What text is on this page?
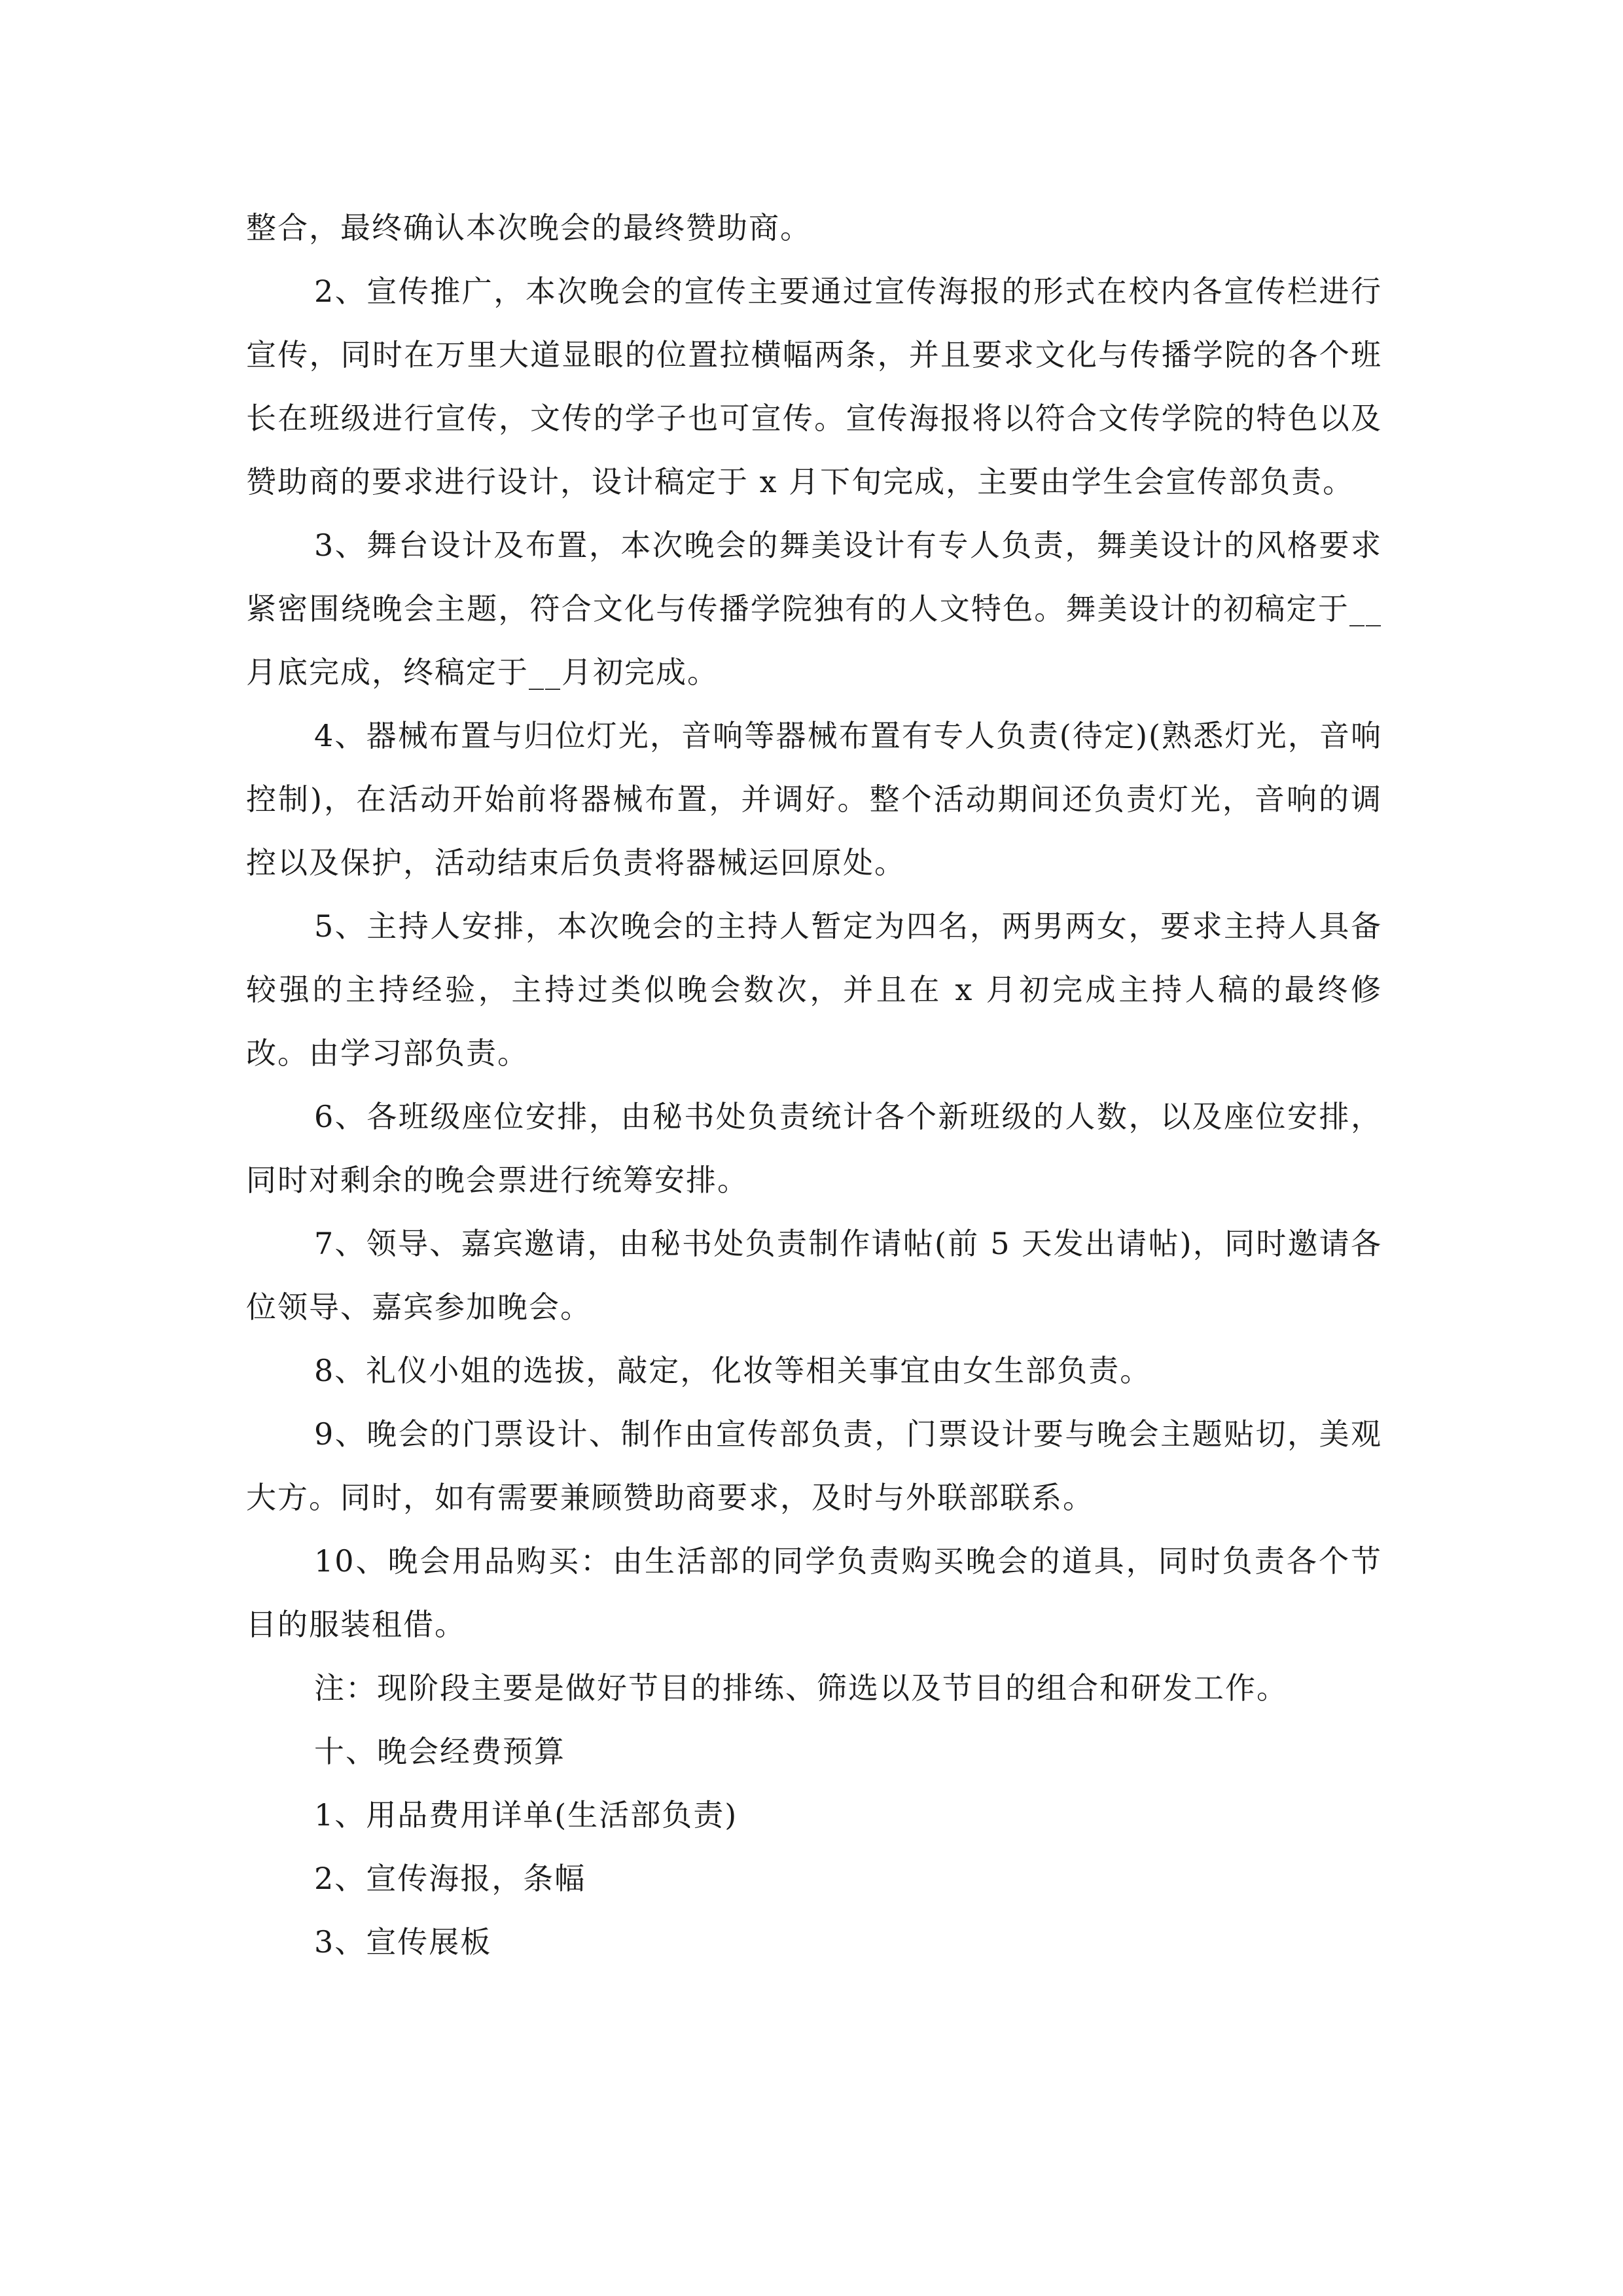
整合，最终确认本次晚会的最终赞助商。

2、宣传推广，本次晚会的宣传主要通过宣传海报的形式在校内各宣传栏进行宣传，同时在万里大道显眼的位置拉横幅两条，并且要求文化与传播学院的各个班长在班级进行宣传，文传的学子也可宣传。宣传海报将以符合文传学院的特色以及赞助商的要求进行设计，设计稿定于 x 月下旬完成，主要由学生会宣传部负责。

3、舞台设计及布置，本次晚会的舞美设计有专人负责，舞美设计的风格要求紧密围绕晚会主题，符合文化与传播学院独有的人文特色。舞美设计的初稿定于__月底完成，终稿定于__月初完成。

4、器械布置与归位灯光，音响等器械布置有专人负责(待定)(熟悉灯光，音响控制)，在活动开始前将器械布置，并调好。整个活动期间还负责灯光，音响的调控以及保护，活动结束后负责将器械运回原处。

5、主持人安排，本次晚会的主持人暂定为四名，两男两女，要求主持人具备较强的主持经验，主持过类似晚会数次，并且在 x 月初完成主持人稿的最终修改。由学习部负责。

6、各班级座位安排，由秘书处负责统计各个新班级的人数，以及座位安排，同时对剩余的晚会票进行统筹安排。

7、领导、嘉宾邀请，由秘书处负责制作请帖(前 5 天发出请帖)，同时邀请各位领导、嘉宾参加晚会。

8、礼仪小姐的选拔，敲定，化妆等相关事宜由女生部负责。

9、晚会的门票设计、制作由宣传部负责，门票设计要与晚会主题贴切，美观大方。同时，如有需要兼顾赞助商要求，及时与外联部联系。

10、晚会用品购买：由生活部的同学负责购买晚会的道具，同时负责各个节目的服装租借。

注：现阶段主要是做好节目的排练、筛选以及节目的组合和研发工作。

十、晚会经费预算

1、用品费用详单(生活部负责)

2、宣传海报，条幅

3、宣传展板
